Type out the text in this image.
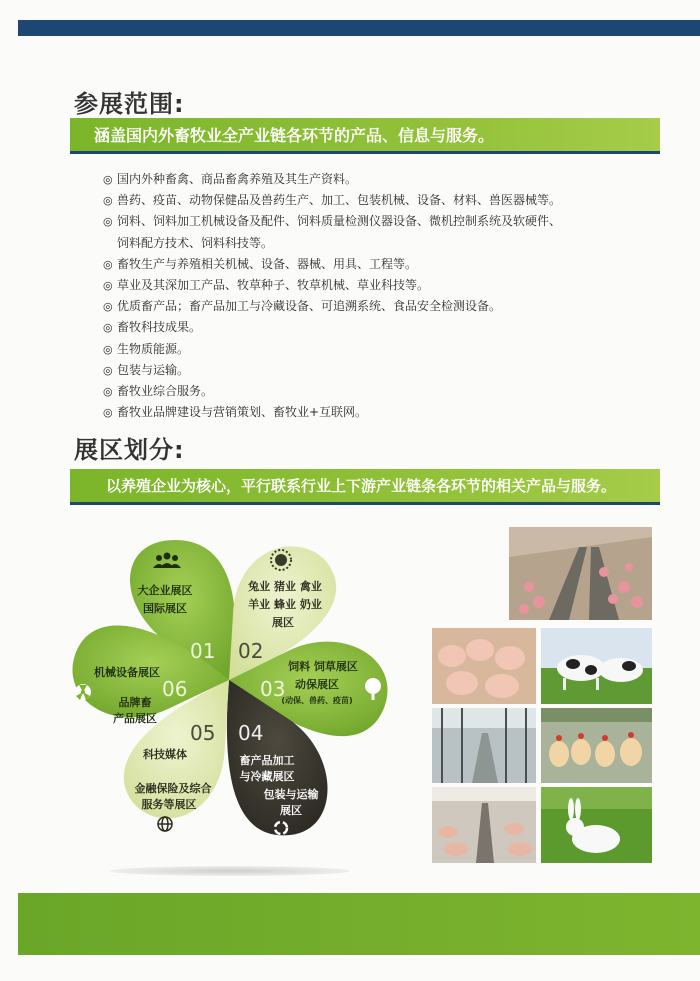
参展范围:
涵盖国内外畜牧业全产业链各环节的产品、信息与服务。
◎ 国内外种畜禽、商品畜禽养殖及其生产资料。
◎ 兽药、疫苗、动物保健品及兽药生产、加工、包装机械、设备、材料、兽医器械等。
◎ 饲料、饲料加工机械设备及配件、饲料质量检测仪器设备、微机控制系统及软硬件、
饲料配方技术、饲料科技等。
◎ 畜牧生产与养殖相关机械、设备、器械、用具、工程等。
◎ 草业及其深加工产品、牧草种子、牧草机械、草业科技等。
◎ 优质畜产品；畜产品加工与冷藏设备、可追溯系统、食品安全检测设备。
◎ 畜牧科技成果。
◎ 生物质能源。
◎ 包装与运输。
◎ 畜牧业综合服务。
◎ 畜牧业品牌建设与营销策划、畜牧业+互联网。
展区划分:
以养殖企业为核心，平行联系行业上下游产业链条各环节的相关产品与服务。
01 02
03
04
05
06
大企业展区
国际展区
兔业 猪业 禽业
羊业 蜂业 奶业
展区
饲料 饲草展区
动保展区
(动保、兽药、疫苗)
畜产品加工
与冷藏展区
包装与运输
展区
科技媒体
金融保险及综合
服务等展区
机械设备展区
品牌畜
产品展区
